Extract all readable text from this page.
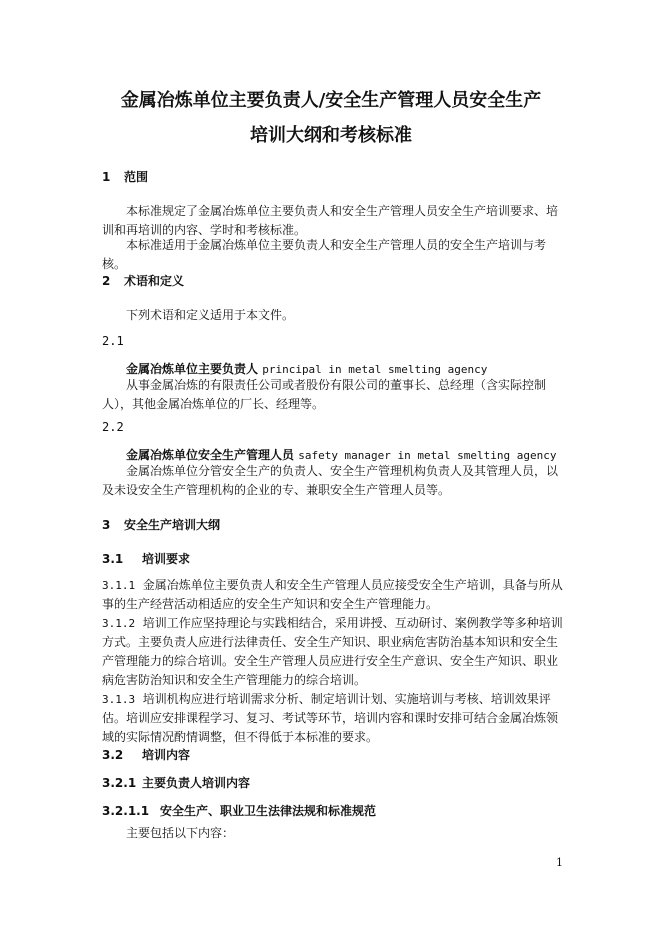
金属冶炼单位主要负责人/安全生产管理人员安全生产
培训大纲和考核标准
1 范围
本标准规定了金属冶炼单位主要负责人和安全生产管理人员安全生产培训要求、培训和再培训的内容、学时和考核标准。
本标准适用于金属冶炼单位主要负责人和安全生产管理人员的安全生产培训与考核。
2 术语和定义
下列术语和定义适用于本文件。
2.1
金属冶炼单位主要负责人 principal in metal smelting agency
从事金属冶炼的有限责任公司或者股份有限公司的董事长、总经理（含实际控制人），其他金属冶炼单位的厂长、经理等。
2.2
金属冶炼单位安全生产管理人员 safety manager in metal smelting agency
金属冶炼单位分管安全生产的负责人、安全生产管理机构负责人及其管理人员，以及未设安全生产管理机构的企业的专、兼职安全生产管理人员等。
3 安全生产培训大纲
3.1 培训要求
3.1.1 金属冶炼单位主要负责人和安全生产管理人员应接受安全生产培训，具备与所从事的生产经营活动相适应的安全生产知识和安全生产管理能力。
3.1.2 培训工作应坚持理论与实践相结合，采用讲授、互动研讨、案例教学等多种培训方式。主要负责人应进行法律责任、安全生产知识、职业病危害防治基本知识和安全生产管理能力的综合培训。安全生产管理人员应进行安全生产意识、安全生产知识、职业病危害防治知识和安全生产管理能力的综合培训。
3.1.3 培训机构应进行培训需求分析、制定培训计划、实施培训与考核、培训效果评估。培训应安排课程学习、复习、考试等环节，培训内容和课时安排可结合金属冶炼领域的实际情况酌情调整，但不得低于本标准的要求。
3.2 培训内容
3.2.1 主要负责人培训内容
3.2.1.1 安全生产、职业卫生法律法规和标准规范
主要包括以下内容：
1
